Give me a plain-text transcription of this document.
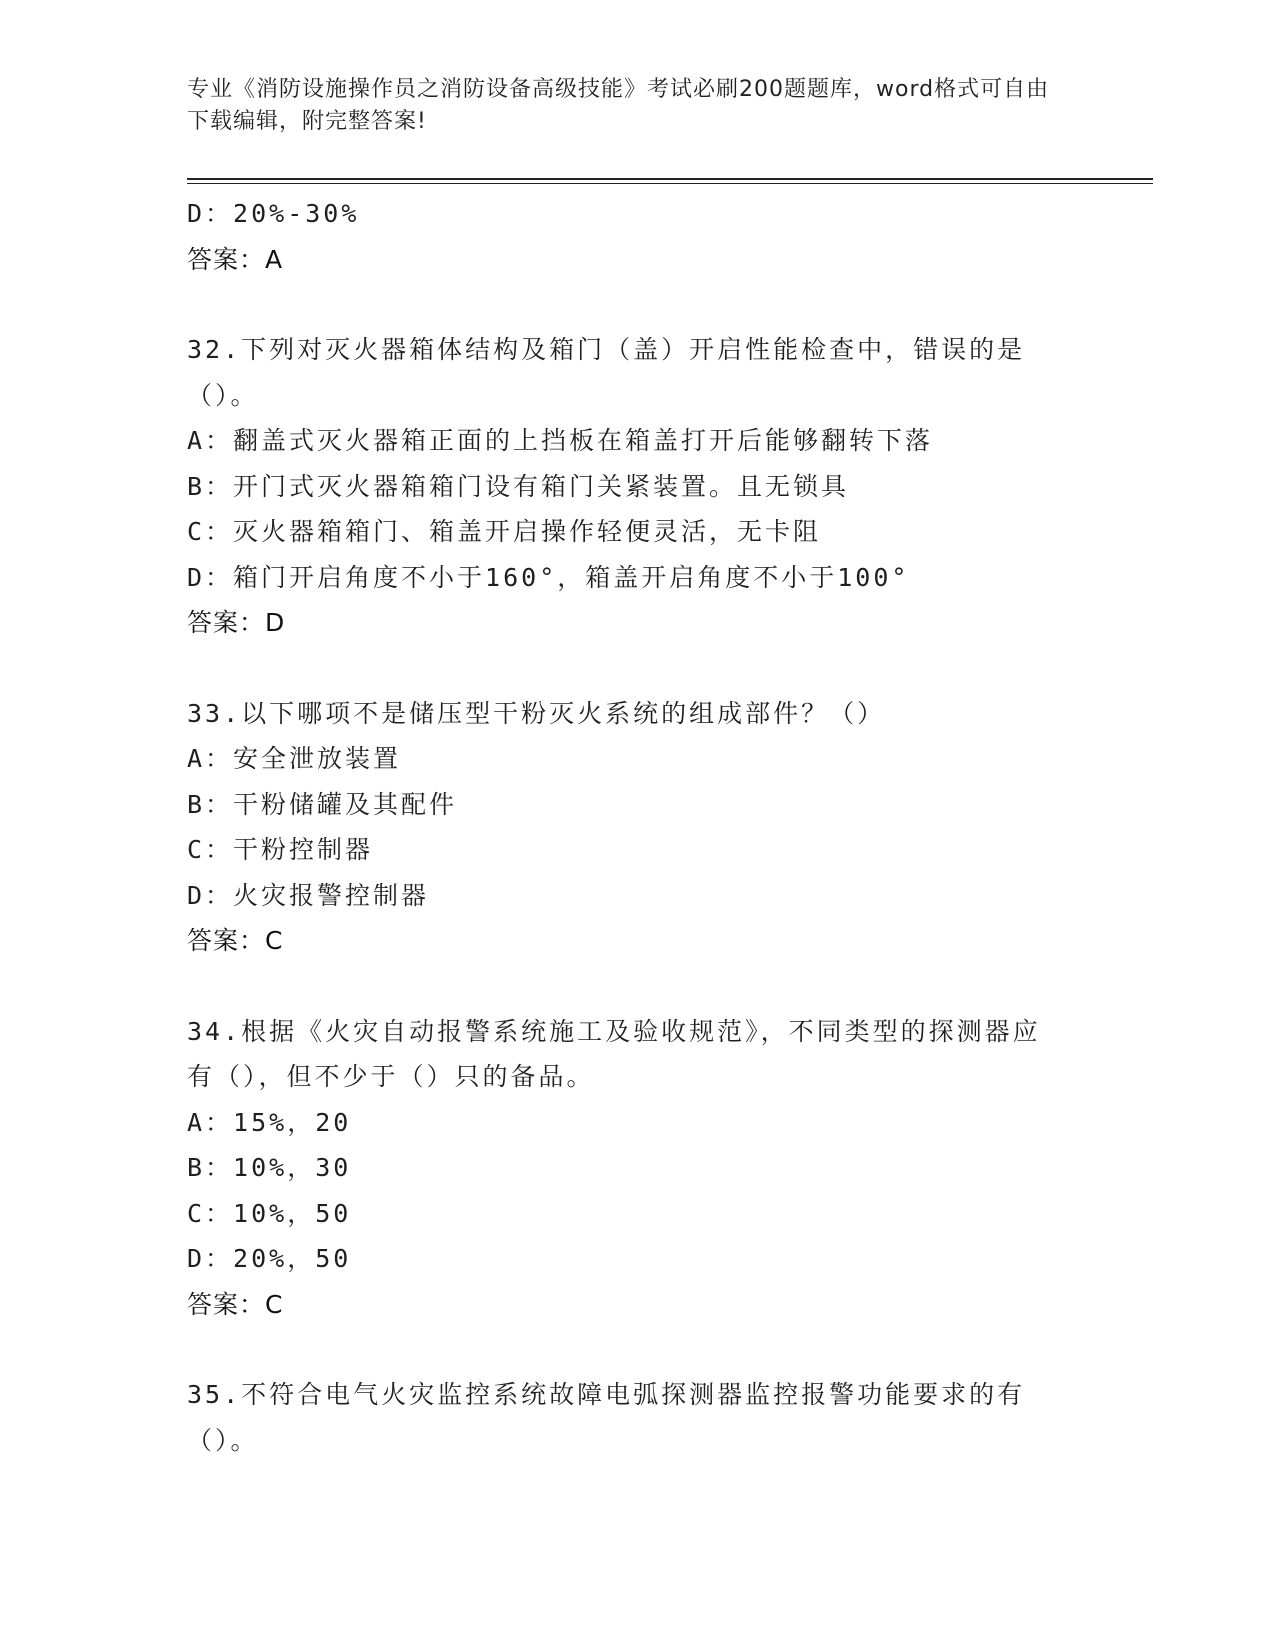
专业《消防设施操作员之消防设备高级技能》考试必刷200题题库，word格式可自由下载编辑，附完整答案!
D：20%-30%
答案：A
32.下列对灭火器箱体结构及箱门（盖）开启性能检查中，错误的是（）。
A：翻盖式灭火器箱正面的上挡板在箱盖打开后能够翻转下落
B：开门式灭火器箱箱门设有箱门关紧装置。且无锁具
C：灭火器箱箱门、箱盖开启操作轻便灵活，无卡阻
D：箱门开启角度不小于160°，箱盖开启角度不小于100°
答案：D
33.以下哪项不是储压型干粉灭火系统的组成部件？（）
A：安全泄放装置
B：干粉储罐及其配件
C：干粉控制器
D：火灾报警控制器
答案：C
34.根据《火灾自动报警系统施工及验收规范》，不同类型的探测器应有（），但不少于（）只的备品。
A：15%，20
B：10%，30
C：10%，50
D：20%，50
答案：C
35.不符合电气火灾监控系统故障电弧探测器监控报警功能要求的有（）。
